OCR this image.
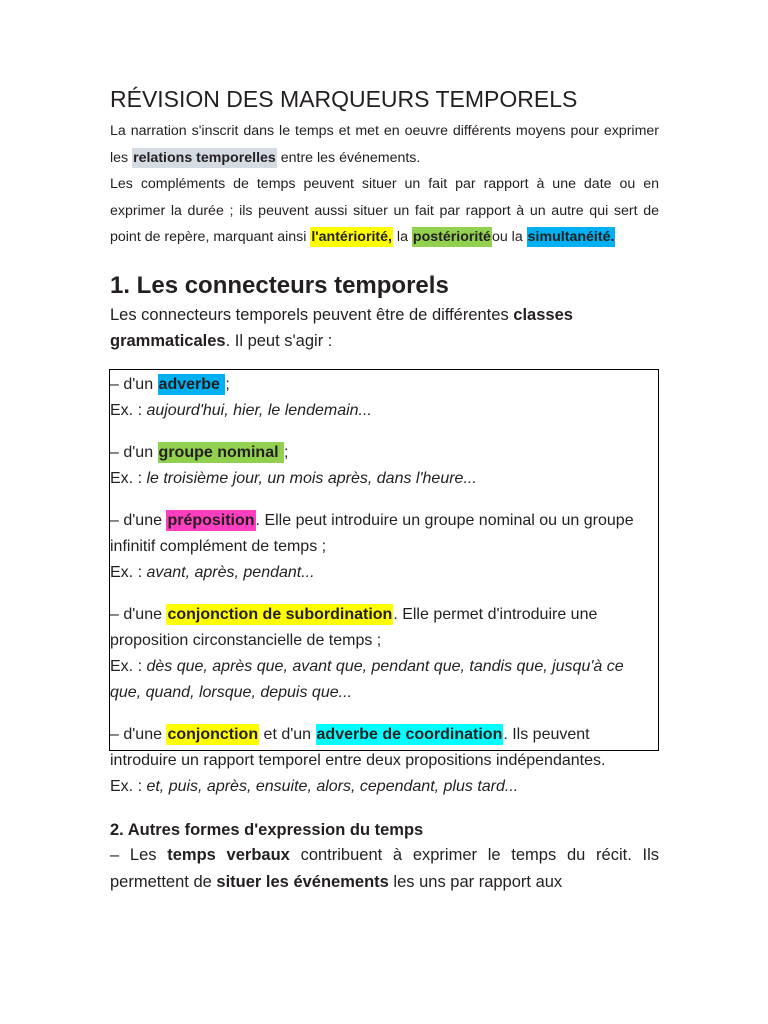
RÉVISION DES MARQUEURS TEMPORELS

La narration s'inscrit dans le temps et met en oeuvre différents moyens pour exprimer les relations temporelles entre les événements.

Les compléments de temps peuvent situer un fait par rapport à une date ou en exprimer la durée ; ils peuvent aussi situer un fait par rapport à un autre qui sert de point de repère, marquant ainsi l'antériorité, la postérioritéou la simultanéité.

1. Les connecteurs temporels
Les connecteurs temporels peuvent être de différentes classes grammaticales. Il peut s'agir :

– d'un adverbe ;
Ex. : aujourd'hui, hier, le lendemain...

– d'un groupe nominal ;
Ex. : le troisième jour, un mois après, dans l'heure...

– d'une préposition. Elle peut introduire un groupe nominal ou un groupe infinitif complément de temps ;
Ex. : avant, après, pendant...

– d'une conjonction de subordination. Elle permet d'introduire une proposition circonstancielle de temps ;
Ex. : dès que, après que, avant que, pendant que, tandis que, jusqu'à ce que, quand, lorsque, depuis que...

– d'une conjonction et d'un adverbe de coordination. Ils peuvent introduire un rapport temporel entre deux propositions indépendantes.
Ex. : et, puis, après, ensuite, alors, cependant, plus tard...

2. Autres formes d'expression du temps

– Les temps verbaux contribuent à exprimer le temps du récit. Ils permettent de situer les événements les uns par rapport aux
